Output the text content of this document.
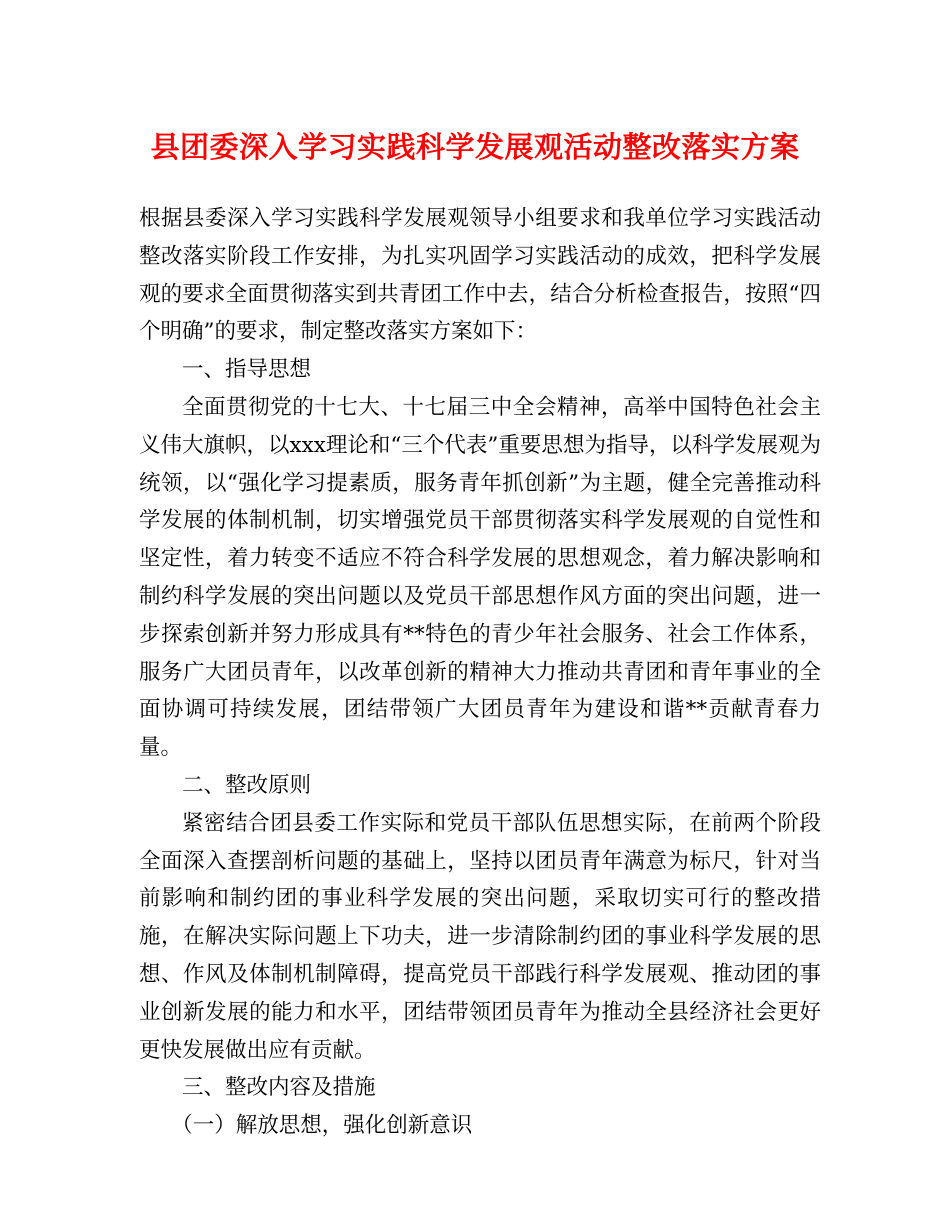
县团委深入学习实践科学发展观活动整改落实方案

根据县委深入学习实践科学发展观领导小组要求和我单位学习实践活动整改落实阶段工作安排，为扎实巩固学习实践活动的成效，把科学发展观的要求全面贯彻落实到共青团工作中去，结合分析检查报告，按照“四个明确”的要求，制定整改落实方案如下：

一、指导思想

全面贯彻党的十七大、十七届三中全会精神，高举中国特色社会主义伟大旗帜，以xxx理论和“三个代表”重要思想为指导，以科学发展观为统领，以“强化学习提素质，服务青年抓创新”为主题，健全完善推动科学发展的体制机制，切实增强党员干部贯彻落实科学发展观的自觉性和坚定性，着力转变不适应不符合科学发展的思想观念，着力解决影响和制约科学发展的突出问题以及党员干部思想作风方面的突出问题，进一步探索创新并努力形成具有**特色的青少年社会服务、社会工作体系，服务广大团员青年，以改革创新的精神大力推动共青团和青年事业的全面协调可持续发展，团结带领广大团员青年为建设和谐**贡献青春力量。

二、整改原则

紧密结合团县委工作实际和党员干部队伍思想实际，在前两个阶段全面深入查摆剖析问题的基础上，坚持以团员青年满意为标尺，针对当前影响和制约团的事业科学发展的突出问题，采取切实可行的整改措施，在解决实际问题上下功夫，进一步清除制约团的事业科学发展的思想、作风及体制机制障碍，提高党员干部践行科学发展观、推动团的事业创新发展的能力和水平，团结带领团员青年为推动全县经济社会更好更快发展做出应有贡献。

三、整改内容及措施

（一）解放思想，强化创新意识
